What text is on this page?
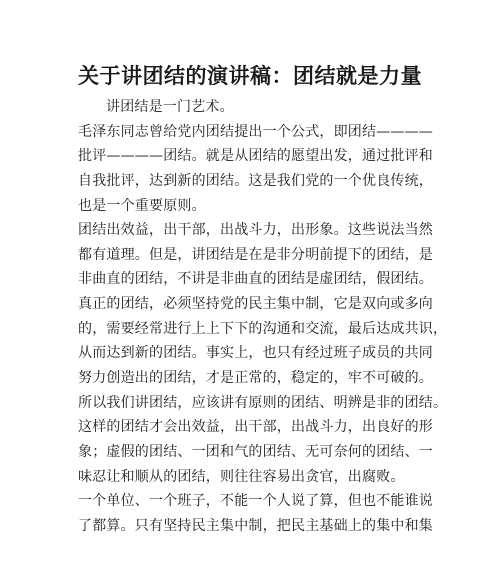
关于讲团结的演讲稿：团结就是力量
讲团结是一门艺术。
毛泽东同志曾给党内团结提出一个公式，即团结————
批评————团结。就是从团结的愿望出发，通过批评和
自我批评，达到新的团结。这是我们党的一个优良传统，
也是一个重要原则。
团结出效益，出干部，出战斗力，出形象。这些说法当然
都有道理。但是，讲团结是在是非分明前提下的团结，是
非曲直的团结，不讲是非曲直的团结是虚团结，假团结。
真正的团结，必须坚持党的民主集中制，它是双向或多向
的，需要经常进行上上下下的沟通和交流，最后达成共识，
从而达到新的团结。事实上，也只有经过班子成员的共同
努力创造出的团结，才是正常的，稳定的，牢不可破的。
所以我们讲团结，应该讲有原则的团结、明辨是非的团结。
这样的团结才会出效益，出干部，出战斗力，出良好的形
象；虚假的团结、一团和气的团结、无可奈何的团结、一
味忍让和顺从的团结，则往往容易出贪官，出腐败。
一个单位、一个班子，不能一个人说了算，但也不能谁说
了都算。只有坚持民主集中制，把民主基础上的集中和集
